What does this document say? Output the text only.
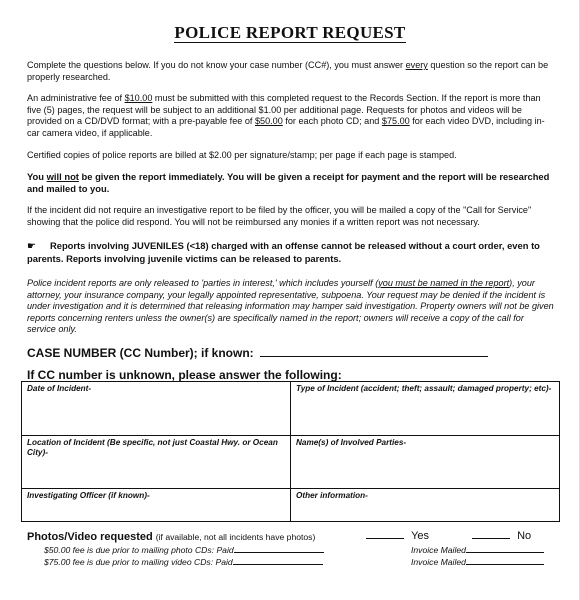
POLICE REPORT REQUEST
Complete the questions below. If you do not know your case number (CC#), you must answer every question so the report can be properly researched.
An administrative fee of $10.00 must be submitted with this completed request to the Records Section. If the report is more than five (5) pages, the request will be subject to an additional $1.00 per additional page. Requests for photos and videos will be provided on a CD/DVD format; with a pre-payable fee of $50.00 for each photo CD; and $75.00 for each video DVD, including in-car camera video, if applicable.
Certified copies of police reports are billed at $2.00 per signature/stamp; per page if each page is stamped.
You will not be given the report immediately. You will be given a receipt for payment and the report will be researched and mailed to you.
If the incident did not require an investigative report to be filed by the officer, you will be mailed a copy of the "Call for Service" showing that the police did respond. You will not be reimbursed any monies if a written report was not necessary.
☛ Reports involving JUVENILES (<18) charged with an offense cannot be released without a court order, even to parents. Reports involving juvenile victims can be released to parents.
Police incident reports are only released to 'parties in interest,' which includes yourself (you must be named in the report), your attorney, your insurance company, your legally appointed representative, subpoena. Your request may be denied if the incident is under investigation and it is determined that releasing information may hamper said investigation. Property owners will not be given reports concerning renters unless the owner(s) are specifically named in the report; owners will receive a copy of the call for service only.
CASE NUMBER (CC Number); if known:
If CC number is unknown, please answer the following:
Date of Incident-	Type of Incident (accident; theft; assault; damaged property; etc)-
Location of Incident (Be specific, not just Coastal Hwy. or Ocean City)-	Name(s) of Involved Parties-
Investigating Officer (if known)-	Other information-
Photos/Video requested (if available, not all incidents have photos)	Yes	No
$50.00 fee is due prior to mailing photo CDs: Paid
$75.00 fee is due prior to mailing video CDs: Paid
Invoice Mailed
Invoice Mailed
